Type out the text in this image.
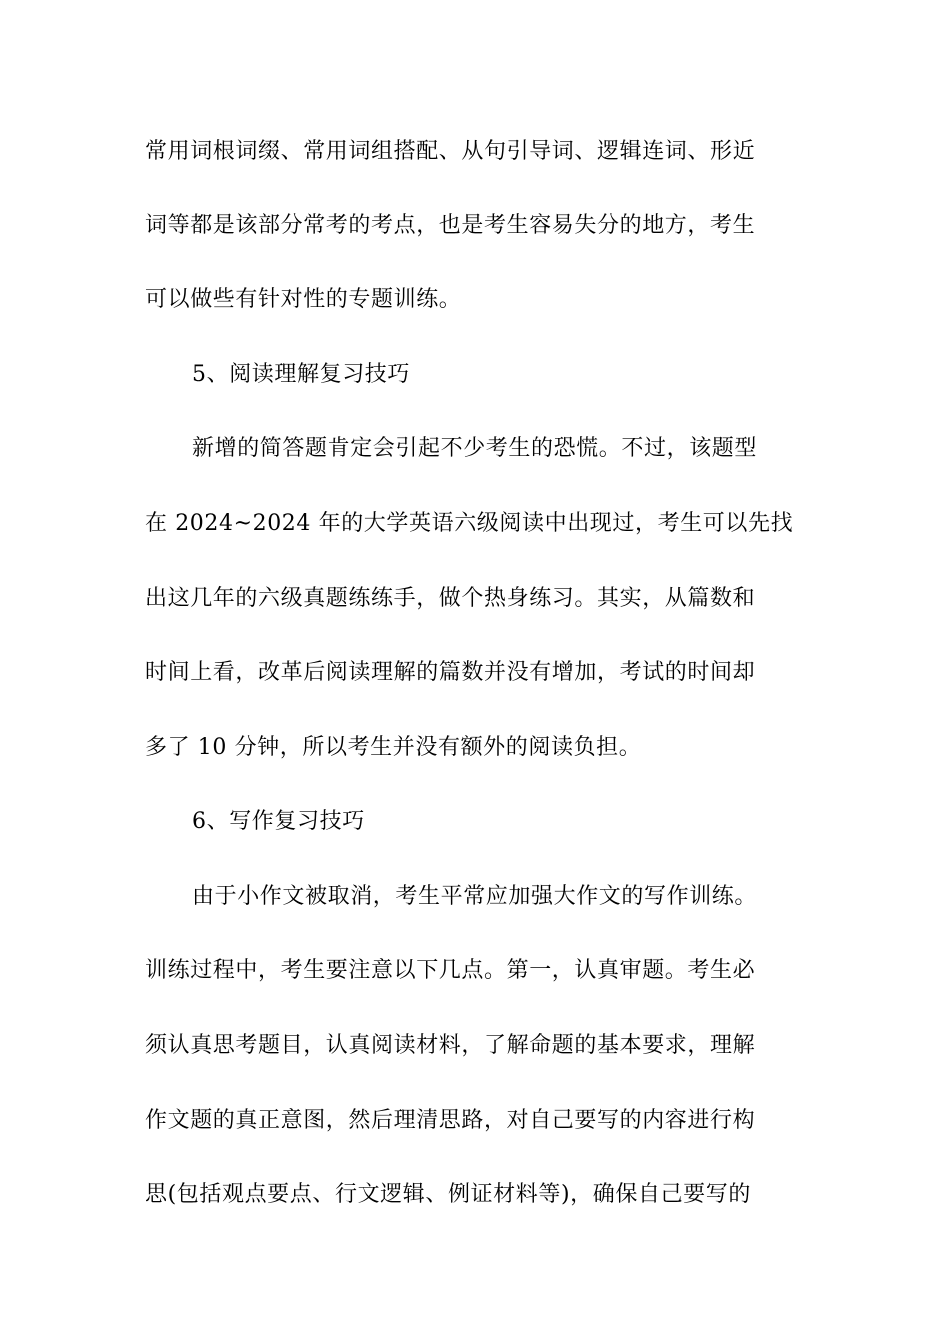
常用词根词缀、常用词组搭配、从句引导词、逻辑连词、形近
词等都是该部分常考的考点，也是考生容易失分的地方，考生
可以做些有针对性的专题训练。
5、阅读理解复习技巧
新增的简答题肯定会引起不少考生的恐慌。不过，该题型
在 2024~2024 年的大学英语六级阅读中出现过，考生可以先找
出这几年的六级真题练练手，做个热身练习。其实，从篇数和
时间上看，改革后阅读理解的篇数并没有增加，考试的时间却
多了 10 分钟，所以考生并没有额外的阅读负担。
6、写作复习技巧
由于小作文被取消，考生平常应加强大作文的写作训练。
训练过程中，考生要注意以下几点。第一，认真审题。考生必
须认真思考题目，认真阅读材料，了解命题的基本要求，理解
作文题的真正意图，然后理清思路，对自己要写的内容进行构
思(包括观点要点、行文逻辑、例证材料等)，确保自己要写的
